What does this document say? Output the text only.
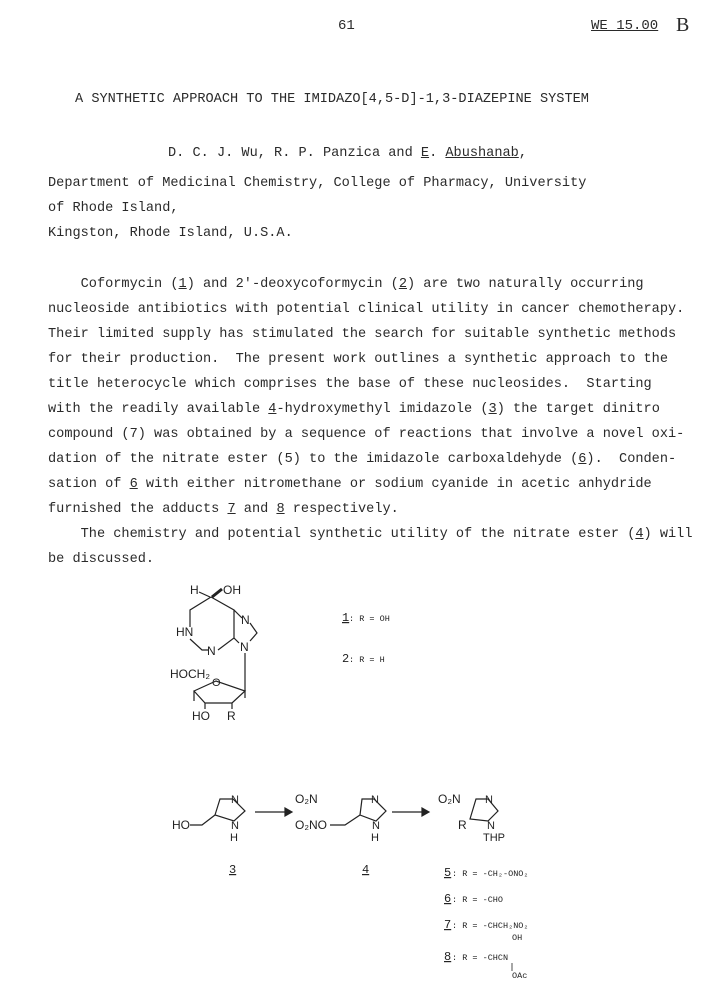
61	WE 15.00 B
A SYNTHETIC APPROACH TO THE IMIDAZO[4,5-D]-1,3-DIAZEPINE SYSTEM
D. C. J. Wu, R. P. Panzica and E. Abushanab,
Department of Medicinal Chemistry, College of Pharmacy, University
of Rhode Island,
Kingston, Rhode Island, U.S.A.
Coformycin (1) and 2'-deoxycoformycin (2) are two naturally occurring
nucleoside antibiotics with potential clinical utility in cancer chemotherapy.
Their limited supply has stimulated the search for suitable synthetic methods
for their production.  The present work outlines a synthetic approach to the
title heterocycle which comprises the base of these nucleosides.  Starting
with the readily available 4-hydroxymethyl imidazole (3) the target dinitro
compound (7) was obtained by a sequence of reactions that involve a novel oxi-
dation of the nitrate ester (5) to the imidazole carboxaldehyde (6).  Conden-
sation of 6 with either nitromethane or sodium cyanide in acetic anhydride
furnished the adducts 7 and 8 respectively.
The chemistry and potential synthetic utility of the nitrate ester (4) will
be discussed.
H OH
HN
N
N
N
HOCH₂
O
HO R
1 : R = OH
2 : R = H
HO
N
N
H
3
O₂N
O₂NO
N
N
H
4
O₂N
R
N
N
THP
5 : R = -CH₂-ONO₂
6 : R = -CHO
7 : R = -CHCH₂NO₂
OH
8 : R = -CHCN
OAc
